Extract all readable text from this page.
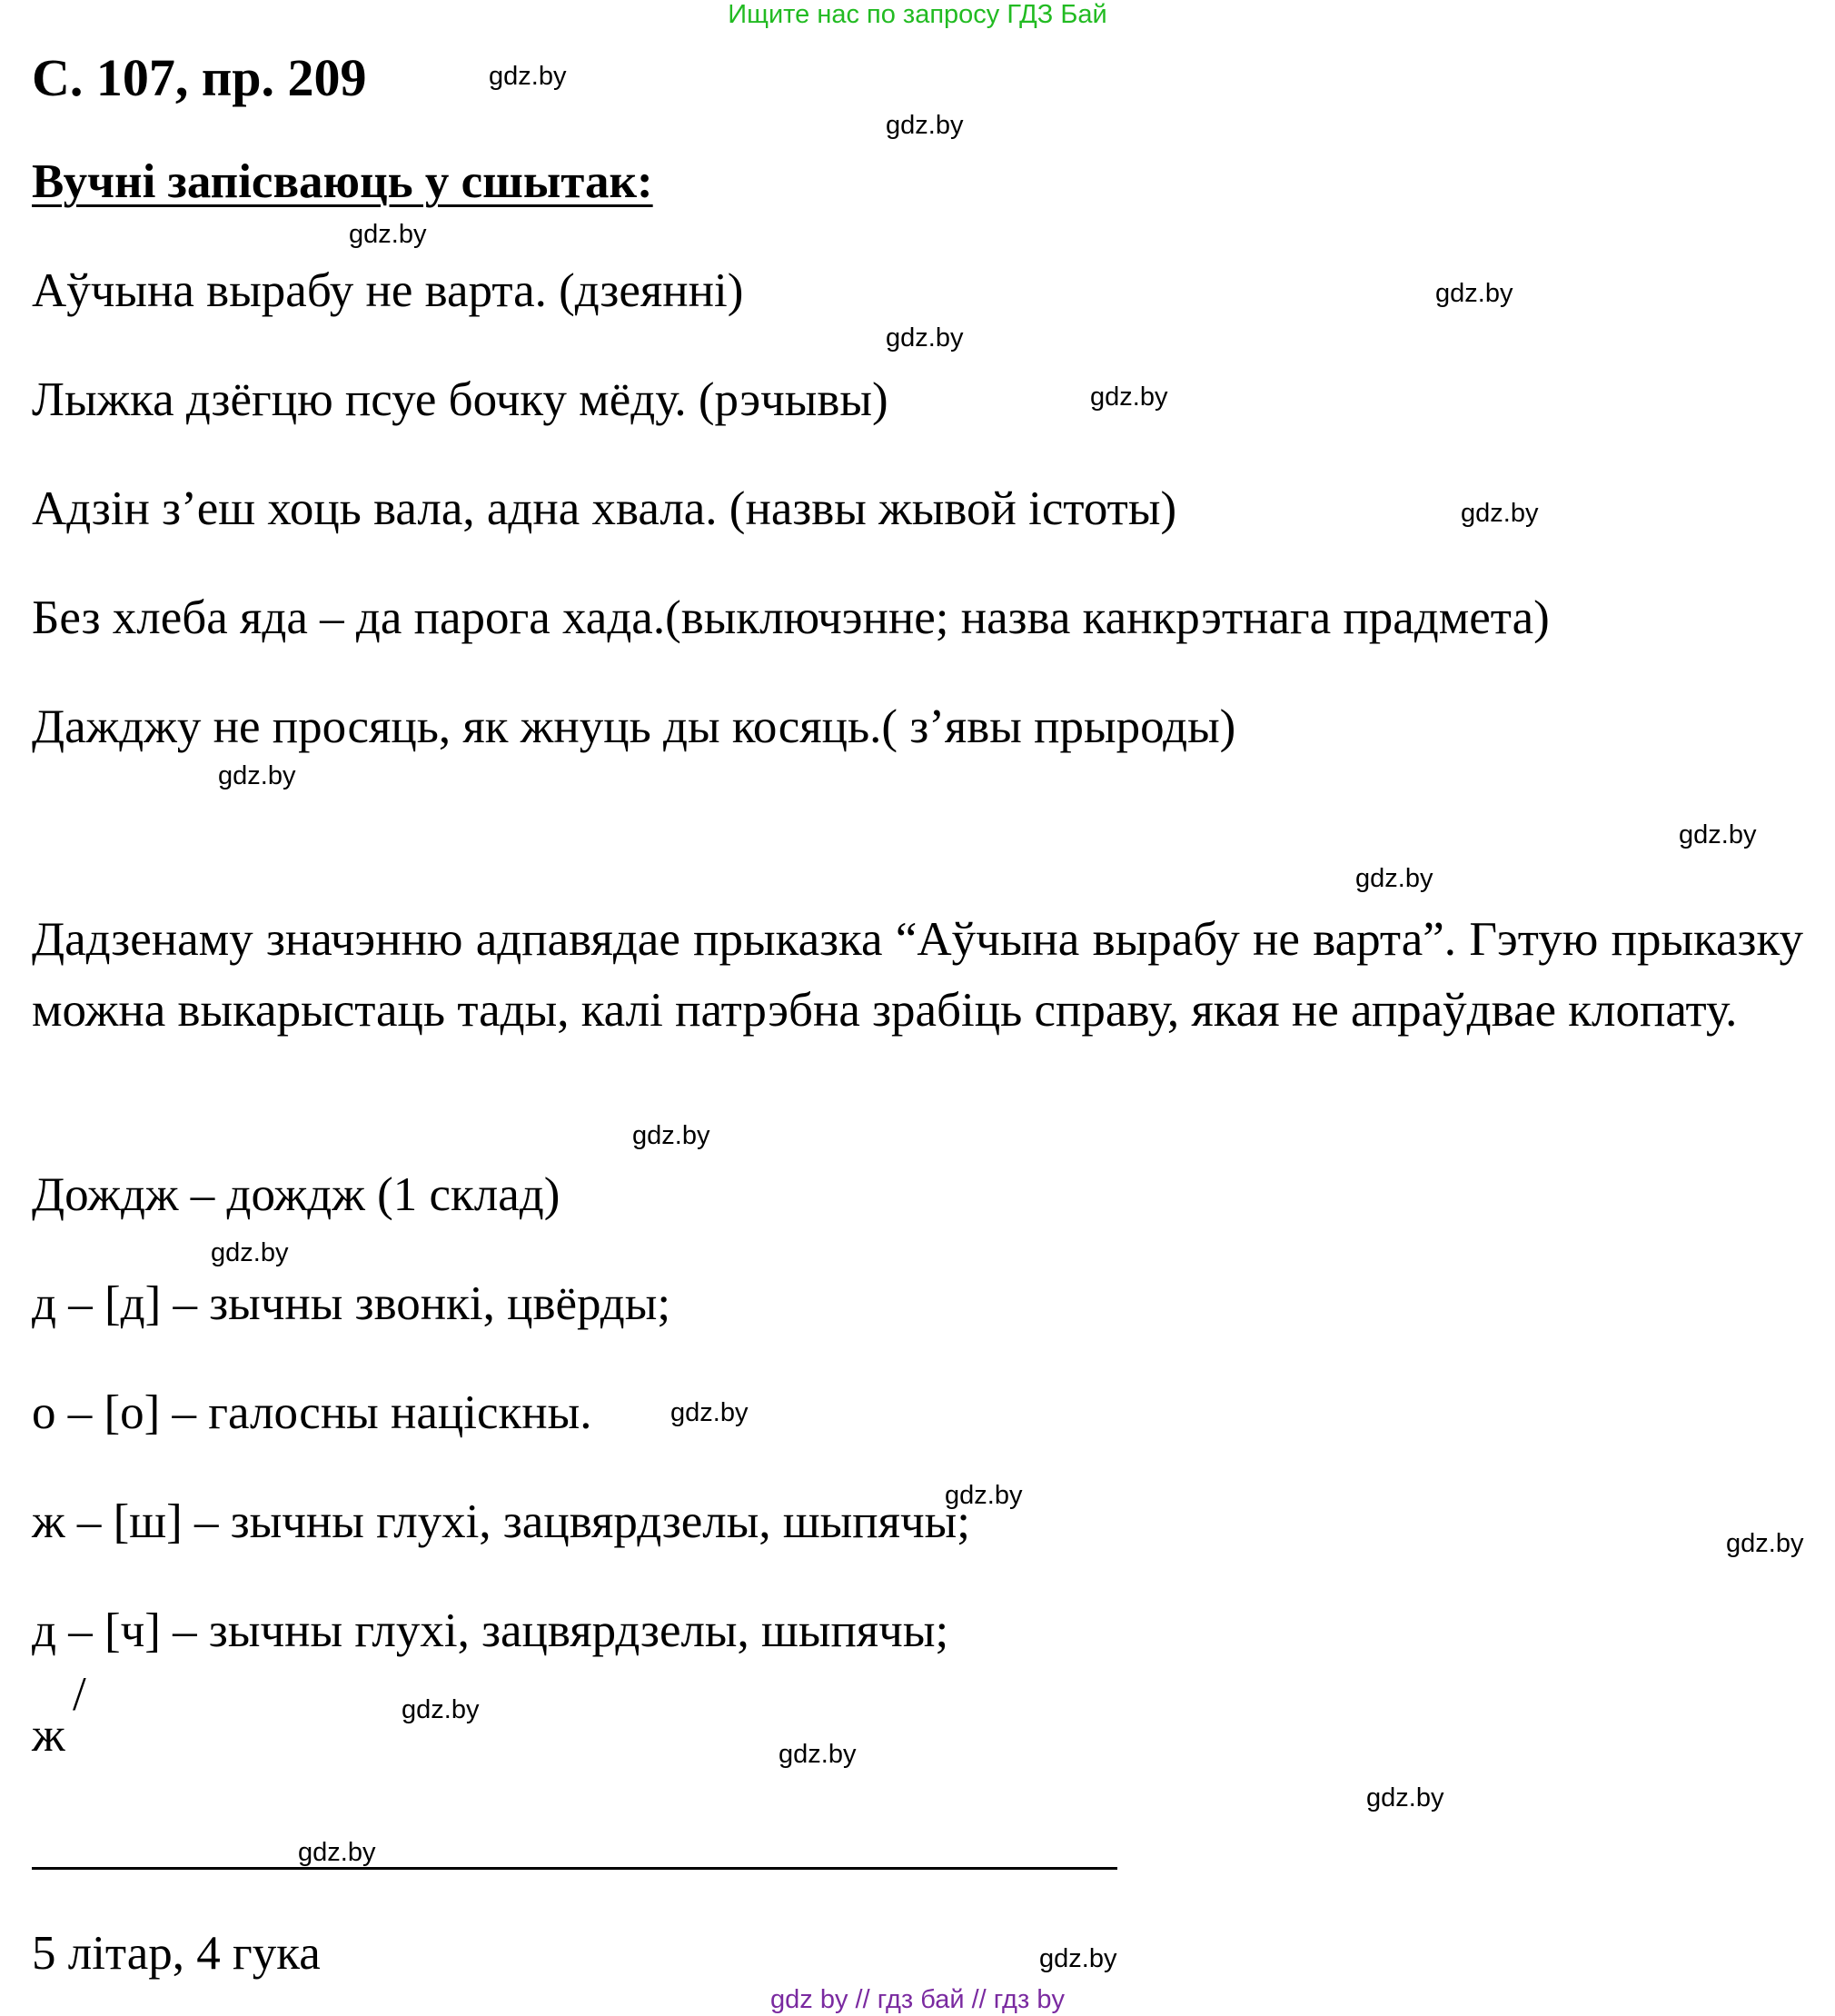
Ищите нас по запросу ГДЗ Бай
С. 107, пр. 209
Вучні запісваюць у сшытак:
Аўчына вырабу не варта. (дзеянні)
Лыжка дзёгцю псуе бочку мёду. (рэчывы)
Адзін з’еш хоць вала, адна хвала. (назвы жывой істоты)
Без хлеба яда – да парога хада.(выключэнне; назва канкрэтнага прадмета)
Дажджу не просяць, як жнуць ды косяць.( з’явы прыроды)
Дадзенаму значэнню адпавядае прыказка “Аўчына вырабу не варта”. Гэтую прыказку можна выкарыстаць тады, калі патрэбна зрабіць справу, якая не апраўдвае клопату.
Дождж – дождж (1 склад)
д – [д] – зычны звонкі, цвёрды;
о – [о] – галосны націскны.
ж – [ш] – зычны глухі, зацвярдзелы, шыпячы;
д – [ч] – зычны глухі, зацвярдзелы, шыпячы;
/
ж
5 літар, 4 гука
gdz.by
gdz.by
gdz.by
gdz.by
gdz.by
gdz.by
gdz.by
gdz.by
gdz.by
gdz.by
gdz.by
gdz.by
gdz.by
gdz.by
gdz.by
gdz.by
gdz.by
gdz.by
gdz.by
gdz.by
gdz by // гдз бай // гдз by
